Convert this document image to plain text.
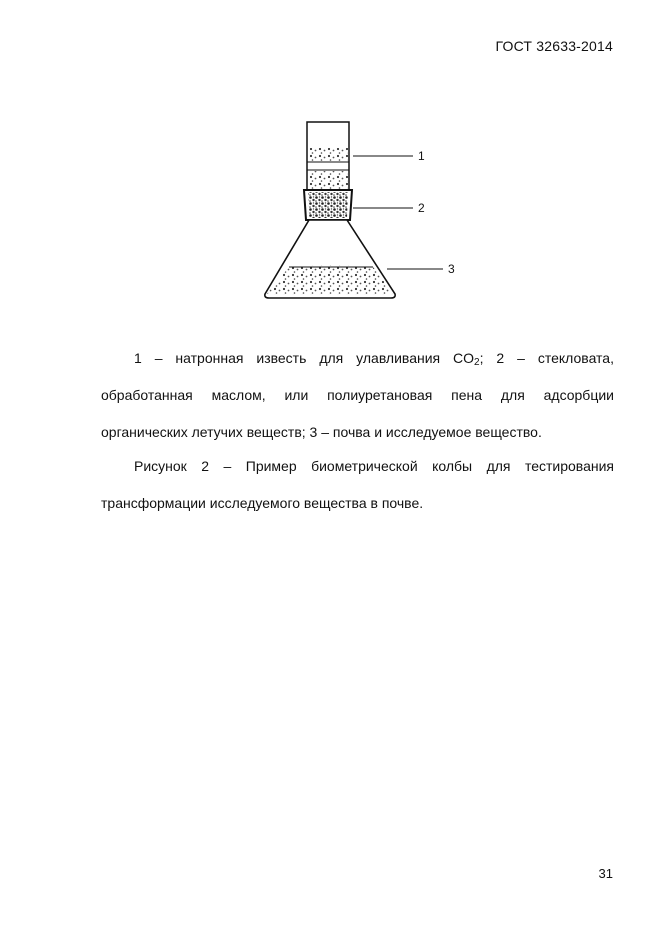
ГОСТ 32633-2014
1
2
3
1 – натронная известь для улавливания $CO_2$; 2 – стекловата,
обработанная маслом, или полиуретановая пена для адсорбции
органических летучих веществ; 3 – почва и исследуемое вещество.
Рисунок 2 – Пример биометрической колбы для тестирования
трансформации исследуемого вещества в почве.
31
